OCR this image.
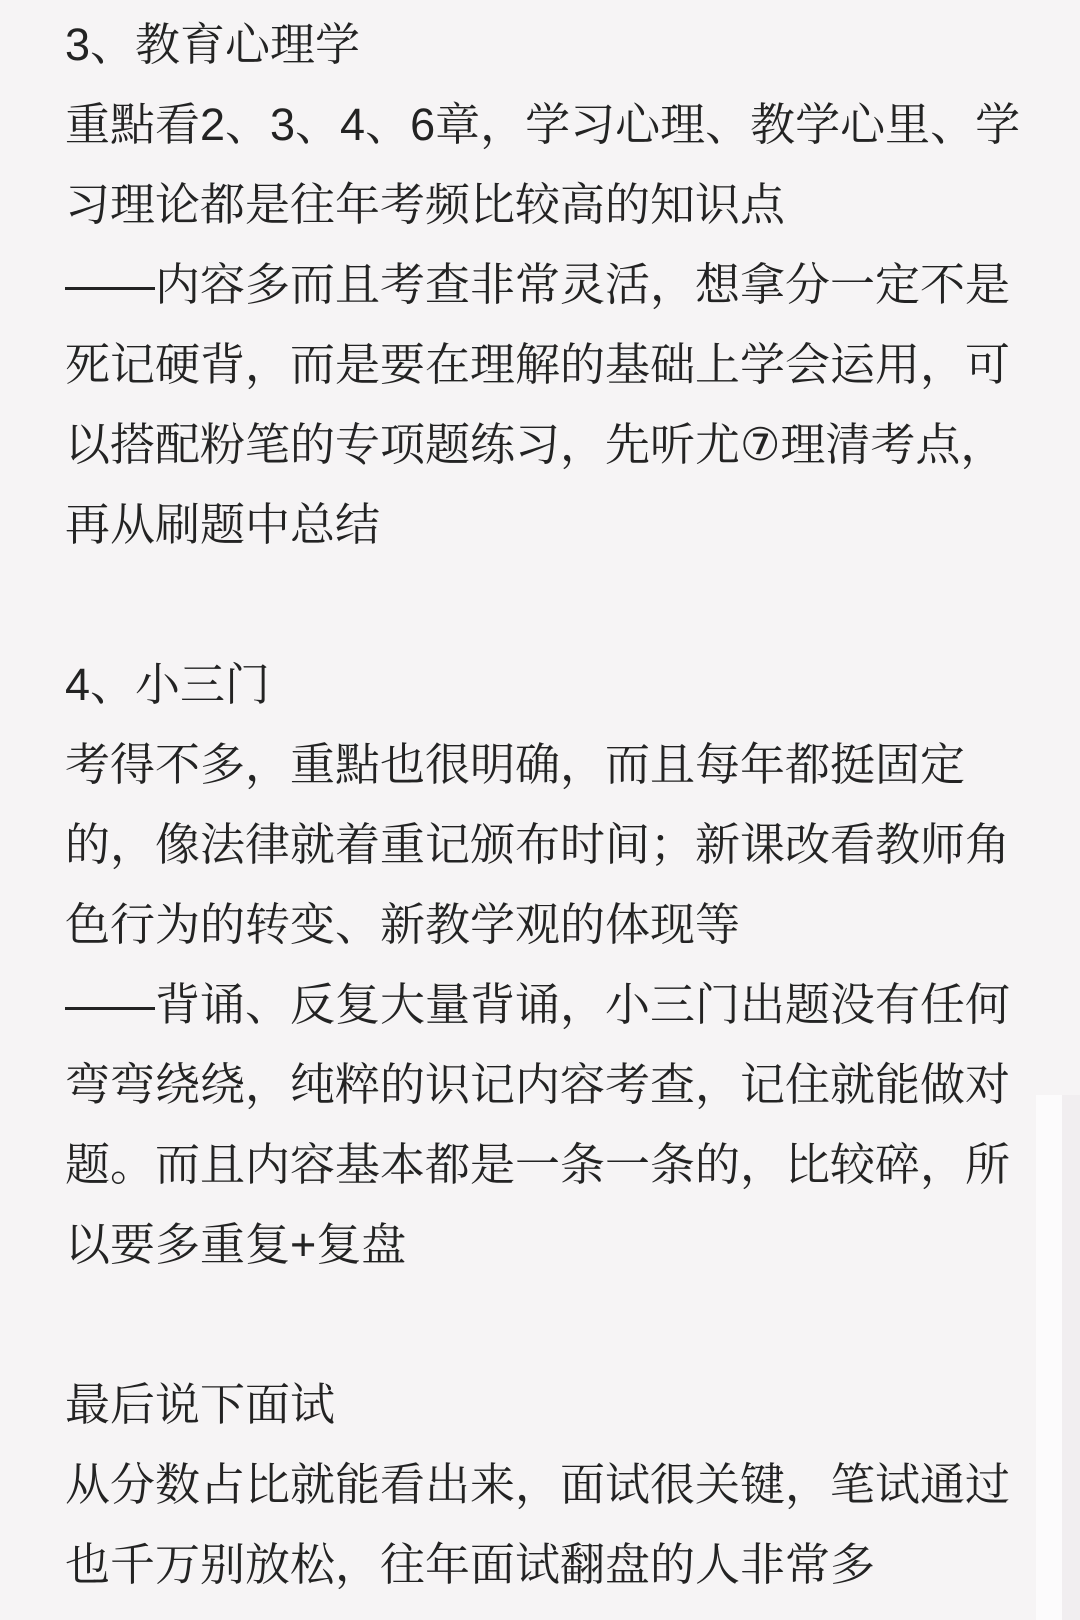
3、教育心理学
重點看2、3、4、6章，学习心理、教学心里、学
习理论都是往年考频比较高的知识点
——内容多而且考查非常灵活，想拿分一定不是
死记硬背，而是要在理解的基础上学会运用，可
以搭配粉笔的专项题练习，先听尤⑦理清考点，
再从刷题中总结
4、小三门
考得不多，重點也很明确，而且每年都挺固定
的，像法律就着重记颁布时间；新课改看教师角
色行为的转变、新教学观的体现等
——背诵、反复大量背诵，小三门出题没有任何
弯弯绕绕，纯粹的识记内容考查，记住就能做对
题。而且内容基本都是一条一条的，比较碎，所
以要多重复+复盘
最后说下面试
从分数占比就能看出来，面试很关键，笔试通过
也千万别放松，往年面试翻盘的人非常多
